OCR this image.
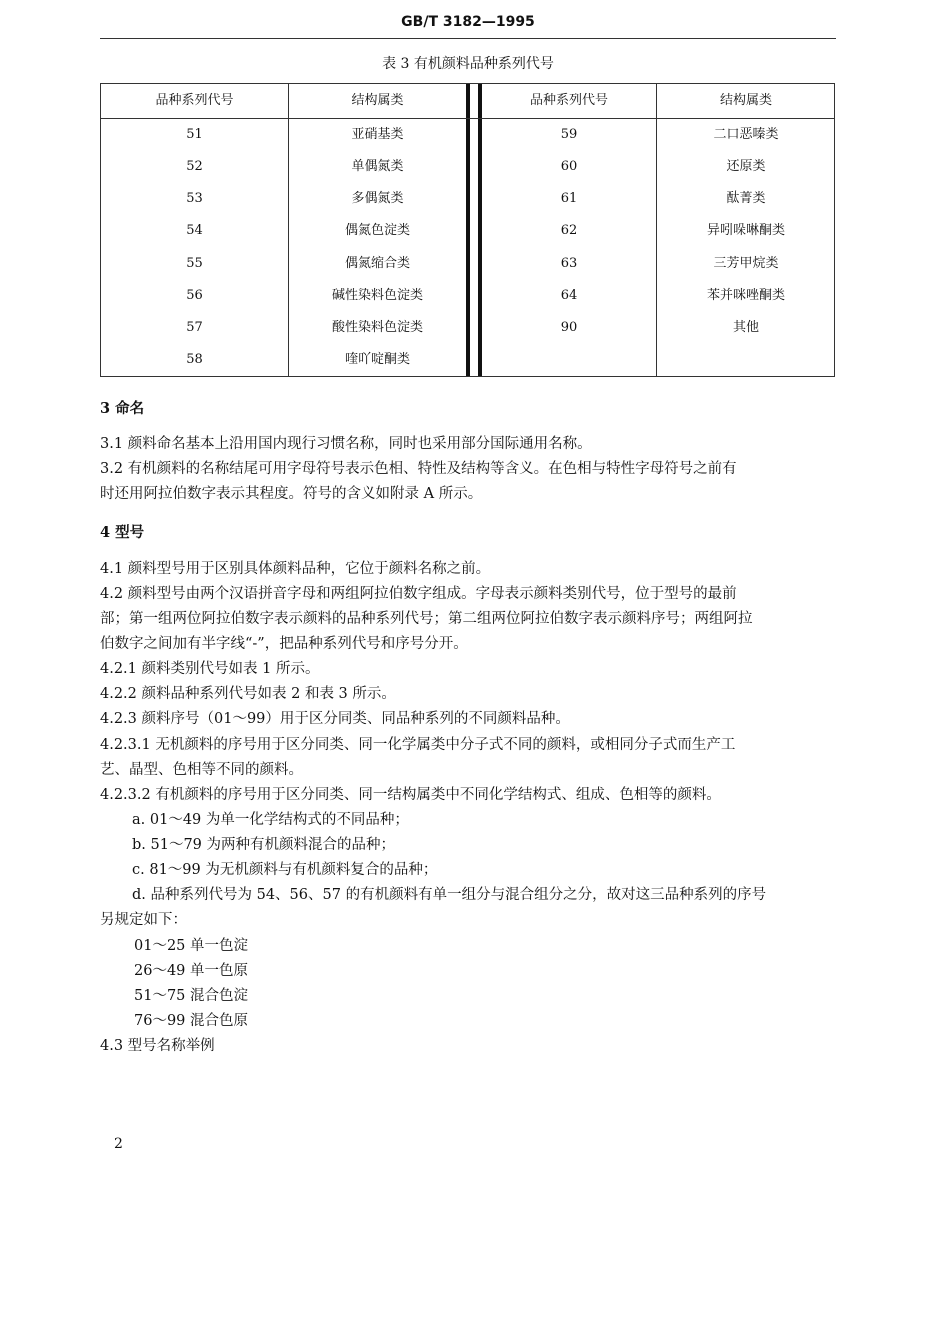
GB/T 3182—1995
表 3 有机颜料品种系列代号
品种系列代号	结构属类	品种系列代号	结构属类
51	亚硝基类	59	二口恶嗪类
52	单偶氮类	60	还原类
53	多偶氮类	61	酞菁类
54	偶氮色淀类	62	异吲哚啉酮类
55	偶氮缩合类	63	三芳甲烷类
56	碱性染料色淀类	64	苯并咪唑酮类
57	酸性染料色淀类	90	其他
58	喹吖啶酮类
3 命名
3.1 颜料命名基本上沿用国内现行习惯名称，同时也采用部分国际通用名称。
3.2 有机颜料的名称结尾可用字母符号表示色相、特性及结构等含义。在色相与特性字母符号之前有
时还用阿拉伯数字表示其程度。符号的含义如附录 A 所示。
4 型号
4.1 颜料型号用于区别具体颜料品种，它位于颜料名称之前。
4.2 颜料型号由两个汉语拼音字母和两组阿拉伯数字组成。字母表示颜料类别代号，位于型号的最前
部；第一组两位阿拉伯数字表示颜料的品种系列代号；第二组两位阿拉伯数字表示颜料序号；两组阿拉
伯数字之间加有半字线“-”，把品种系列代号和序号分开。
4.2.1 颜料类别代号如表 1 所示。
4.2.2 颜料品种系列代号如表 2 和表 3 所示。
4.2.3 颜料序号（01～99）用于区分同类、同品种系列的不同颜料品种。
4.2.3.1 无机颜料的序号用于区分同类、同一化学属类中分子式不同的颜料，或相同分子式而生产工
艺、晶型、色相等不同的颜料。
4.2.3.2 有机颜料的序号用于区分同类、同一结构属类中不同化学结构式、组成、色相等的颜料。
a. 01～49 为单一化学结构式的不同品种；
b. 51～79 为两种有机颜料混合的品种；
c. 81～99 为无机颜料与有机颜料复合的品种；
d. 品种系列代号为 54、56、57 的有机颜料有单一组分与混合组分之分，故对这三品种系列的序号
另规定如下：
01～25 单一色淀
26～49 单一色原
51～75 混合色淀
76～99 混合色原
4.3 型号名称举例
2
